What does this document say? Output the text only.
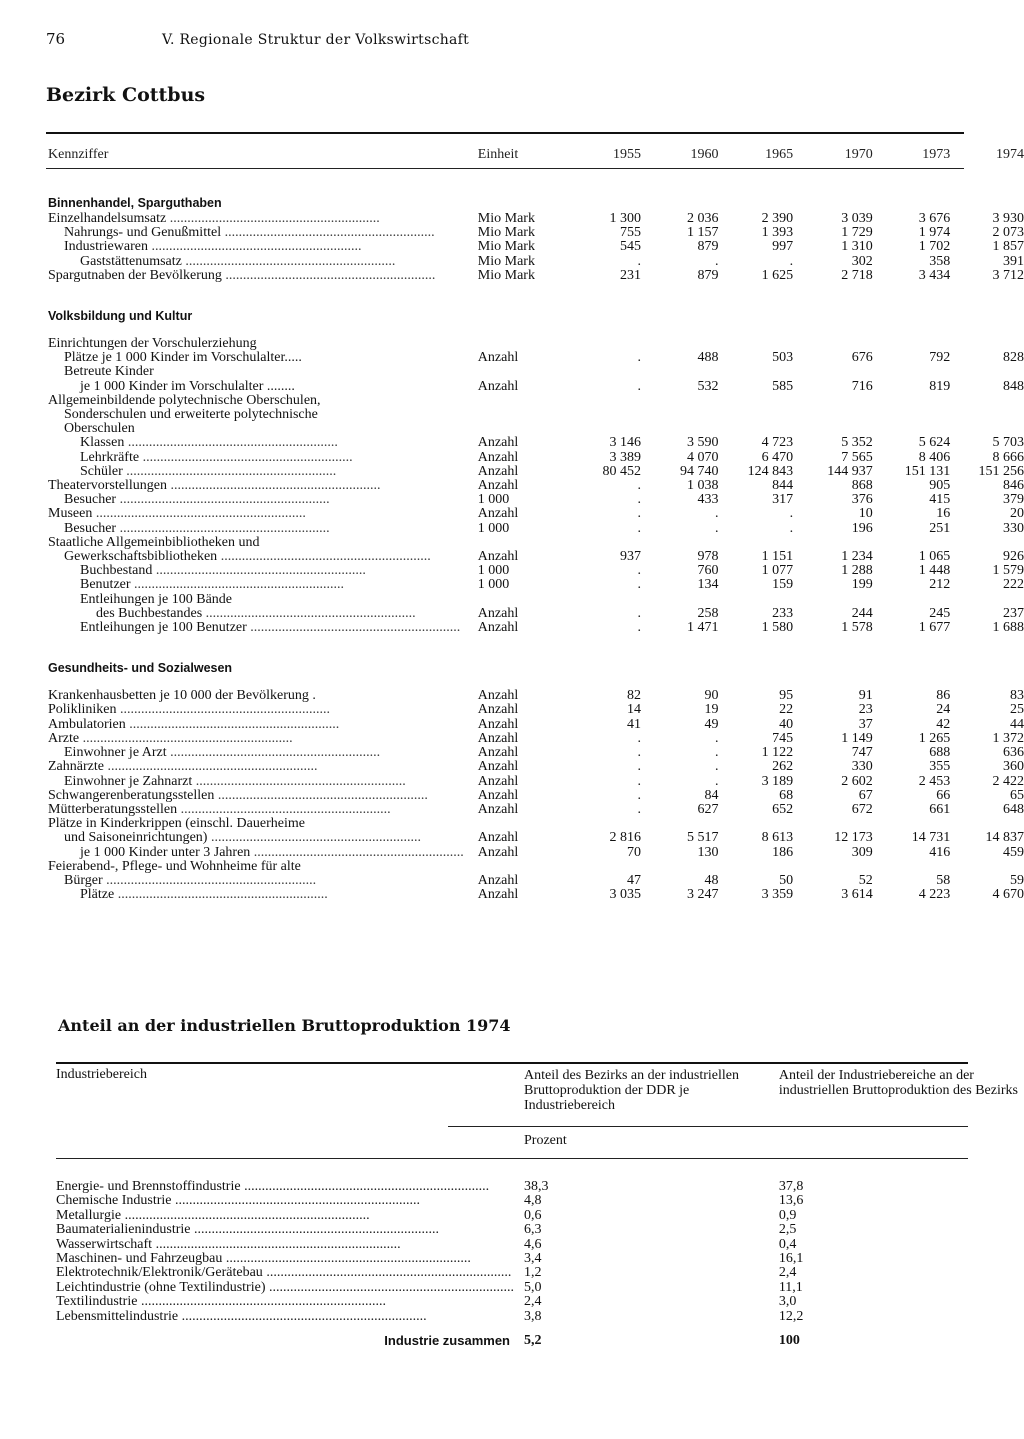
76	V. Regionale Struktur der Volkswirtschaft
Bezirk Cottbus
Kennziffer	Einheit	1955	1960	1965	1970	1973	1974
Binnenhandel, Sparguthaben							
Einzelhandelsumsatz ............................................................	Mio Mark	1 300	2 036	2 390	3 039	3 676	3 930
Nahrungs- und Genußmittel ............................................................	Mio Mark	755	1 157	1 393	1 729	1 974	2 073
Industriewaren ............................................................	Mio Mark	545	879	997	1 310	1 702	1 857
Gaststättenumsatz ............................................................	Mio Mark	.	.	.	302	358	391
Spargutnaben der Bevölkerung ............................................................	Mio Mark	231	879	1 625	2 718	3 434	3 712
Volksbildung und Kultur							

Einrichtungen der Vorschulerziehung							
Plätze je 1 000 Kinder im Vorschulalter.....	Anzahl	.	488	503	676	792	828
Betreute Kinder							
je 1 000 Kinder im Vorschulalter ........	Anzahl	.	532	585	716	819	848
Allgemeinbildende polytechnische Oberschulen,							
Sonderschulen und erweiterte polytechnische							
Oberschulen							
Klassen ............................................................	Anzahl	3 146	3 590	4 723	5 352	5 624	5 703
Lehrkräfte ............................................................	Anzahl	3 389	4 070	6 470	7 565	8 406	8 666
Schüler ............................................................	Anzahl	80 452	94 740	124 843	144 937	151 131	151 256
Theatervorstellungen ............................................................	Anzahl	.	1 038	844	868	905	846
Besucher ............................................................	1 000	.	433	317	376	415	379
Museen ............................................................	Anzahl	.	.	.	10	16	20
Besucher ............................................................	1 000	.	.	.	196	251	330
Staatliche Allgemeinbibliotheken und							
Gewerkschaftsbibliotheken ............................................................	Anzahl	937	978	1 151	1 234	1 065	926
Buchbestand ............................................................	1 000	.	760	1 077	1 288	1 448	1 579
Benutzer ............................................................	1 000	.	134	159	199	212	222
Entleihungen je 100 Bände							
des Buchbestandes ............................................................	Anzahl	.	258	233	244	245	237
Entleihungen je 100 Benutzer ............................................................	Anzahl	.	1 471	1 580	1 578	1 677	1 688
Gesundheits- und Sozialwesen							

Krankenhausbetten je 10 000 der Bevölkerung .	Anzahl	82	90	95	91	86	83
Polikliniken ............................................................	Anzahl	14	19	22	23	24	25
Ambulatorien ............................................................	Anzahl	41	49	40	37	42	44
Ärzte ............................................................	Anzahl	.	.	745	1 149	1 265	1 372
Einwohner je Arzt ............................................................	Anzahl	.	.	1 122	747	688	636
Zahnärzte ............................................................	Anzahl	.	.	262	330	355	360
Einwohner je Zahnarzt ............................................................	Anzahl	.	.	3 189	2 602	2 453	2 422
Schwangerenberatungsstellen ............................................................	Anzahl	.	84	68	67	66	65
Mütterberatungsstellen ............................................................	Anzahl	.	627	652	672	661	648
Plätze in Kinderkrippen (einschl. Dauerheime							
und Saisoneinrichtungen) ............................................................	Anzahl	2 816	5 517	8 613	12 173	14 731	14 837
je 1 000 Kinder unter 3 Jahren ............................................................	Anzahl	70	130	186	309	416	459
Feierabend-, Pflege- und Wohnheime für alte							
Bürger ............................................................	Anzahl	47	48	50	52	58	59
Plätze ............................................................	Anzahl	3 035	3 247	3 359	3 614	4 223	4 670
Anteil an der industriellen Bruttoproduktion 1974
Industriebereich	Anteil des Bezirks an der industriellen Bruttoproduktion der DDR je Industriebereich	Anteil der Industriebereiche an der industriellen Bruttoproduktion des Bezirks
	Prozent	

Energie- und Brennstoffindustrie ......................................................................	38,3	37,8
Chemische Industrie ......................................................................	4,8	13,6
Metallurgie ......................................................................	0,6	0,9
Baumaterialienindustrie ......................................................................	6,3	2,5
Wasserwirtschaft ......................................................................	4,6	0,4
Maschinen- und Fahrzeugbau ......................................................................	3,4	16,1
Elektrotechnik/Elektronik/Gerätebau ......................................................................	1,2	2,4
Leichtindustrie (ohne Textilindustrie) ......................................................................	5,0	11,1
Textilindustrie ......................................................................	2,4	3,0
Lebensmittelindustrie ......................................................................	3,8	12,2

Industrie zusammen	5,2	100
